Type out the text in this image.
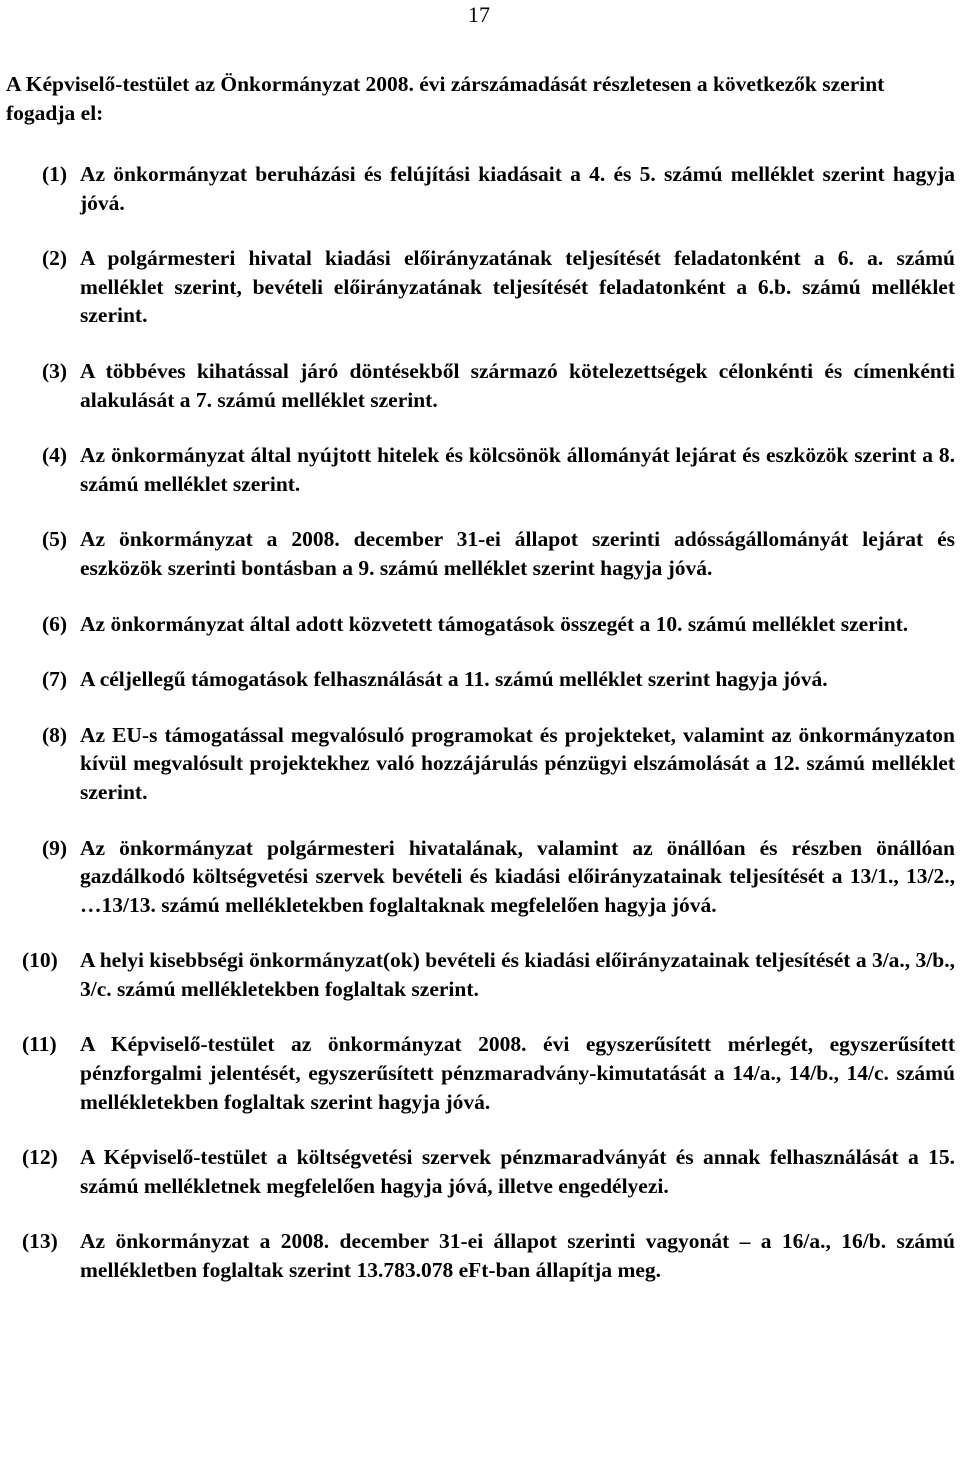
17

A Képviselő-testület az Önkormányzat 2008. évi zárszámadását részletesen a következők szerint fogadja el:

(1) Az önkormányzat beruházási és felújítási kiadásait a 4. és 5. számú melléklet szerint hagyja jóvá.

(2) A polgármesteri hivatal kiadási előirányzatának teljesítését feladatonként a 6. a. számú melléklet szerint, bevételi előirányzatának teljesítését feladatonként a 6.b. számú melléklet szerint.

(3) A többéves kihatással járó döntésekből származó kötelezettségek célonkénti és címenkénti alakulását a 7. számú melléklet szerint.

(4) Az önkormányzat által nyújtott hitelek és kölcsönök állományát lejárat és eszközök szerint a 8. számú melléklet szerint.

(5) Az önkormányzat a 2008. december 31-ei állapot szerinti adósságállományát lejárat és eszközök szerinti bontásban a 9. számú melléklet szerint hagyja jóvá.

(6) Az önkormányzat által adott közvetett támogatások összegét a 10. számú melléklet szerint.

(7) A céljellegű támogatások felhasználását a 11. számú melléklet szerint hagyja jóvá.

(8) Az EU-s támogatással megvalósuló programokat és projekteket, valamint az önkormányzaton kívül megvalósult projektekhez való hozzájárulás pénzügyi elszámolását a 12. számú melléklet szerint.

(9) Az önkormányzat polgármesteri hivatalának, valamint az önállóan és részben önállóan gazdálkodó költségvetési szervek bevételi és kiadási előirányzatainak teljesítését a 13/1., 13/2., …13/13. számú mellékletekben foglaltaknak megfelelően hagyja jóvá.

(10) A helyi kisebbségi önkormányzat(ok) bevételi és kiadási előirányzatainak teljesítését a 3/a., 3/b., 3/c. számú mellékletekben foglaltak szerint.

(11) A Képviselő-testület az önkormányzat 2008. évi egyszerűsített mérlegét, egyszerűsített pénzforgalmi jelentését, egyszerűsített pénzmaradvány-kimutatását a 14/a., 14/b., 14/c. számú mellékletekben foglaltak szerint hagyja jóvá.

(12) A Képviselő-testület a költségvetési szervek pénzmaradványát és annak felhasználását a 15. számú mellékletnek megfelelően hagyja jóvá, illetve engedélyezi.

(13) Az önkormányzat a 2008. december 31-ei állapot szerinti vagyonát – a 16/a., 16/b. számú mellékletben foglaltak szerint 13.783.078 eFt-ban állapítja meg.
